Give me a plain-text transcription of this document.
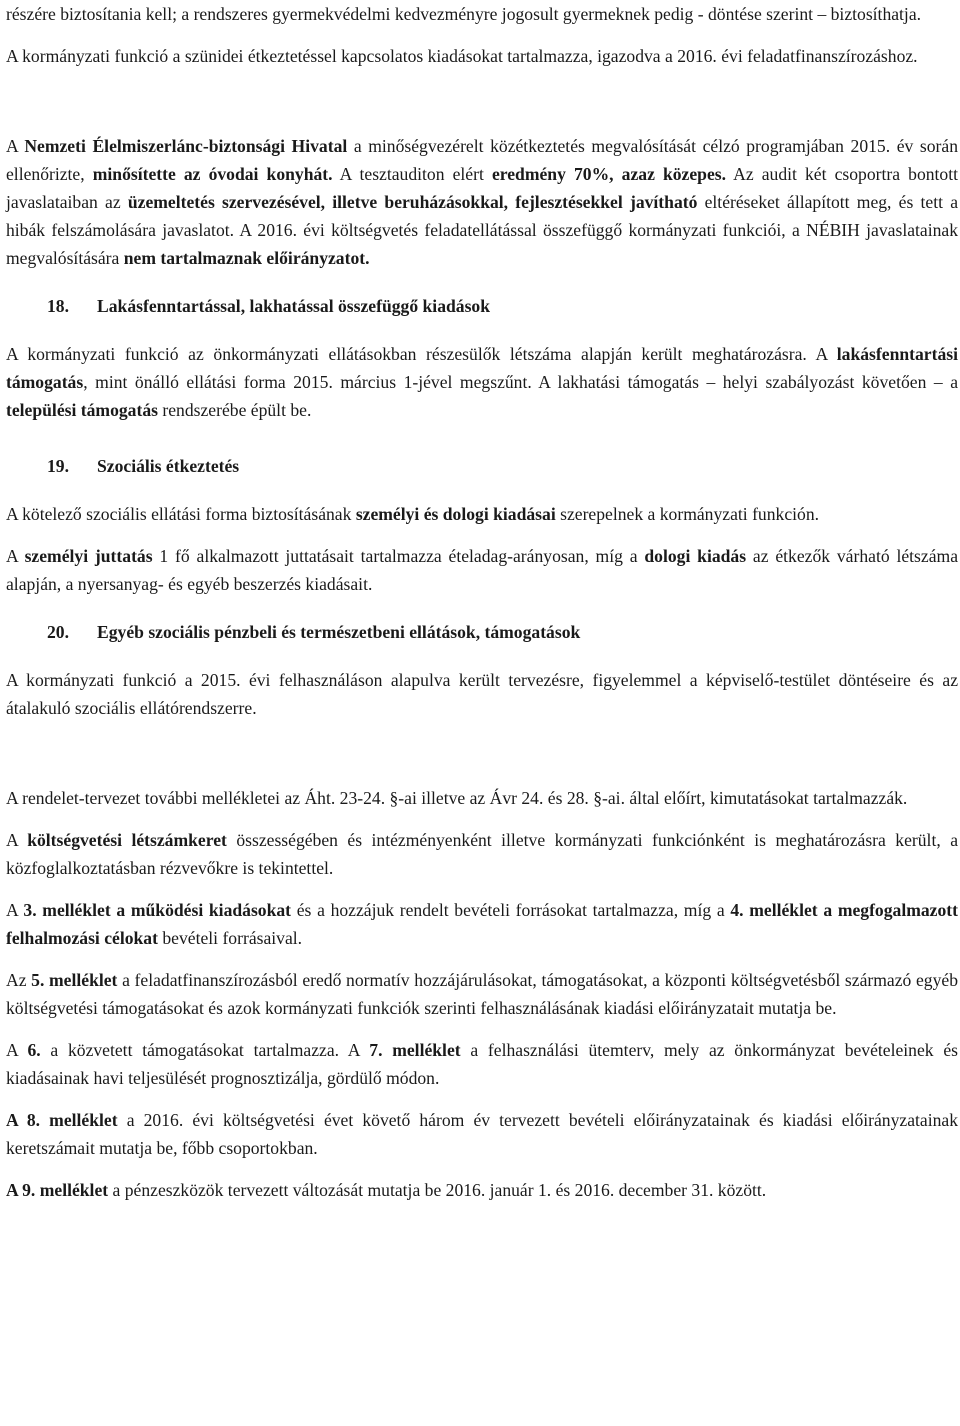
részére biztosítania kell; a rendszeres gyermekvédelmi kedvezményre jogosult gyermeknek pedig - döntése szerint – biztosíthatja.

A kormányzati funkció a szünidei étkeztetéssel kapcsolatos kiadásokat tartalmazza, igazodva a 2016. évi feladatfinanszírozáshoz.

A Nemzeti Élelmiszerlánc-biztonsági Hivatal a minőségvezérelt közétkeztetés megvalósítását célzó programjában 2015. év során ellenőrizte, minősítette az óvodai konyhát. A tesztauditon elért eredmény 70%, azaz közepes. Az audit két csoportra bontott javaslataiban az üzemeltetés szervezésével, illetve beruházásokkal, fejlesztésekkel javítható eltéréseket állapított meg, és tett a hibák felszámolására javaslatot. A 2016. évi költségvetés feladatellátással összefüggő kormányzati funkciói, a NÉBIH javaslatainak megvalósítására nem tartalmaznak előirányzatot.

18. Lakásfenntartással, lakhatással összefüggő kiadások

A kormányzati funkció az önkormányzati ellátásokban részesülők létszáma alapján került meghatározásra. A lakásfenntartási támogatás, mint önálló ellátási forma 2015. március 1-jével megszűnt. A lakhatási támogatás – helyi szabályozást követően – a települési támogatás rendszerébe épült be.

19. Szociális étkeztetés

A kötelező szociális ellátási forma biztosításának személyi és dologi kiadásai szerepelnek a kormányzati funkción.

A személyi juttatás 1 fő alkalmazott juttatásait tartalmazza ételadag-arányosan, míg a dologi kiadás az étkezők várható létszáma alapján, a nyersanyag- és egyéb beszerzés kiadásait.

20. Egyéb szociális pénzbeli és természetbeni ellátások, támogatások

A kormányzati funkció a 2015. évi felhasználáson alapulva került tervezésre, figyelemmel a képviselő-testület döntéseire és az átalakuló szociális ellátórendszerre.

A rendelet-tervezet további mellékletei az Áht. 23-24. §-ai illetve az Ávr 24. és 28. §-ai. által előírt, kimutatásokat tartalmazzák.

A költségvetési létszámkeret összességében és intézményenként illetve kormányzati funkciónként is meghatározásra került, a közfoglalkoztatásban rézvevőkre is tekintettel.

A 3. melléklet a működési kiadásokat és a hozzájuk rendelt bevételi forrásokat tartalmazza, míg a 4. melléklet a megfogalmazott felhalmozási célokat bevételi forrásaival.

Az 5. melléklet a feladatfinanszírozásból eredő normatív hozzájárulásokat, támogatásokat, a központi költségvetésből származó egyéb költségvetési támogatásokat és azok kormányzati funkciók szerinti felhasználásának kiadási előirányzatait mutatja be.

A 6. a közvetett támogatásokat tartalmazza. A 7. melléklet a felhasználási ütemterv, mely az önkormányzat bevételeinek és kiadásainak havi teljesülését prognosztizálja, gördülő módon.

A 8. melléklet a 2016. évi költségvetési évet követő három év tervezett bevételi előirányzatainak és kiadási előirányzatainak keretszámait mutatja be, főbb csoportokban.

A 9. melléklet a pénzeszközök tervezett változását mutatja be 2016. január 1. és 2016. december 31. között.
